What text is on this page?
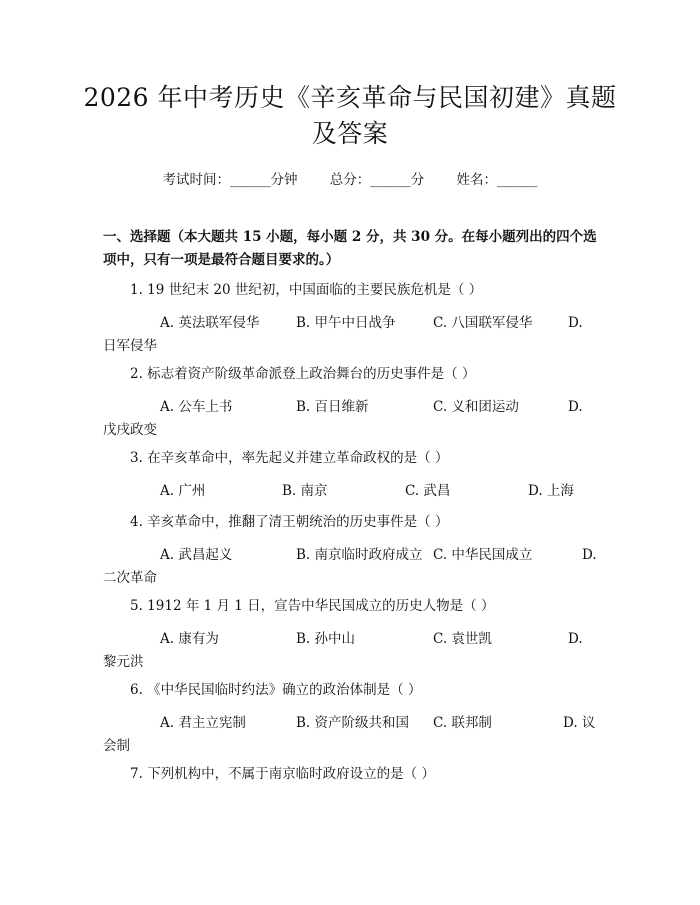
2026 年中考历史《辛亥革命与民国初建》真题及答案
考试时间：______分钟 总分：______分 姓名：______
一、选择题（本大题共 15 小题，每小题 2 分，共 30 分。在每小题列出的四个选项中，只有一项是最符合题目要求的。）
1. 19 世纪末 20 世纪初，中国面临的主要民族危机是（ ）
A. 英法联军侵华	B. 甲午中日战争	C. 八国联军侵华	D.
日军侵华
2. 标志着资产阶级革命派登上政治舞台的历史事件是（ ）
A. 公车上书	B. 百日维新	C. 义和团运动	D.
戊戌政变
3. 在辛亥革命中，率先起义并建立革命政权的是（ ）
A. 广州	B. 南京	C. 武昌	D. 上海
4. 辛亥革命中，推翻了清王朝统治的历史事件是（ ）
A. 武昌起义	B. 南京临时政府成立 C. 中华民国成立	D.
二次革命
5. 1912 年 1 月 1 日，宣告中华民国成立的历史人物是（ ）
A. 康有为	B. 孙中山	C. 袁世凯	D.
黎元洪
6. 《中华民国临时约法》确立的政治体制是（ ）
A. 君主立宪制	B. 资产阶级共和国 C. 联邦制	D. 议
会制
7. 下列机构中，不属于南京临时政府设立的是（ ）
